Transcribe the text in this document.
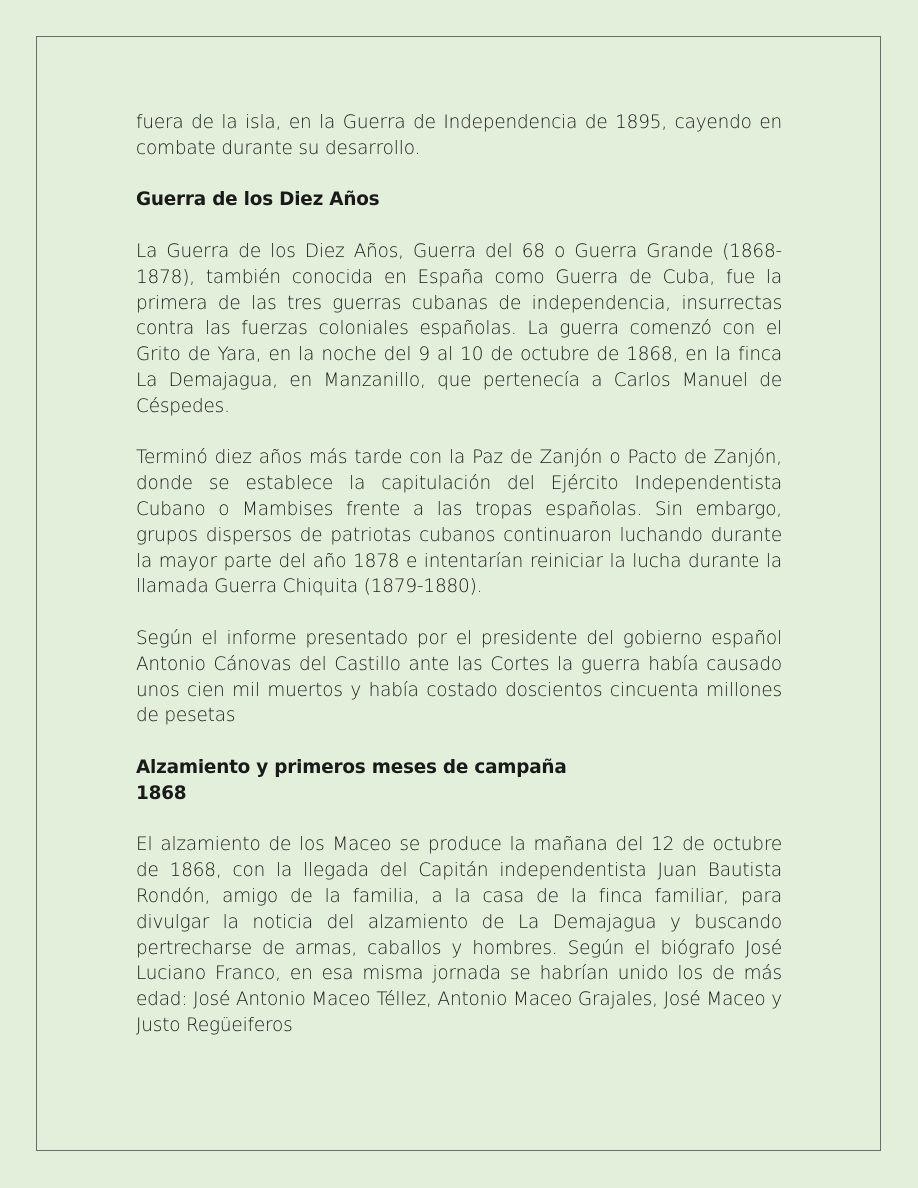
fuera de la isla, en la Guerra de Independencia de 1895, cayendo en combate durante su desarrollo.

Guerra de los Diez Años

La Guerra de los Diez Años, Guerra del 68 o Guerra Grande (1868-1878), también conocida en España como Guerra de Cuba, fue la primera de las tres guerras cubanas de independencia, insurrectas contra las fuerzas coloniales españolas. La guerra comenzó con el Grito de Yara, en la noche del 9 al 10 de octubre de 1868, en la finca La Demajagua, en Manzanillo, que pertenecía a Carlos Manuel de Céspedes.

Terminó diez años más tarde con la Paz de Zanjón o Pacto de Zanjón, donde se establece la capitulación del Ejército Independentista Cubano o Mambises frente a las tropas españolas. Sin embargo, grupos dispersos de patriotas cubanos continuaron luchando durante la mayor parte del año 1878 e intentarían reiniciar la lucha durante la llamada Guerra Chiquita (1879-1880).

Según el informe presentado por el presidente del gobierno español Antonio Cánovas del Castillo ante las Cortes la guerra había causado unos cien mil muertos y había costado doscientos cincuenta millones de pesetas

Alzamiento y primeros meses de campaña
1868

El alzamiento de los Maceo se produce la mañana del 12 de octubre de 1868, con la llegada del Capitán independentista Juan Bautista Rondón, amigo de la familia, a la casa de la finca familiar, para divulgar la noticia del alzamiento de La Demajagua y buscando pertrecharse de armas, caballos y hombres. Según el biógrafo José Luciano Franco, en esa misma jornada se habrían unido los de más edad: José Antonio Maceo Téllez, Antonio Maceo Grajales, José Maceo y Justo Regüeiferos
